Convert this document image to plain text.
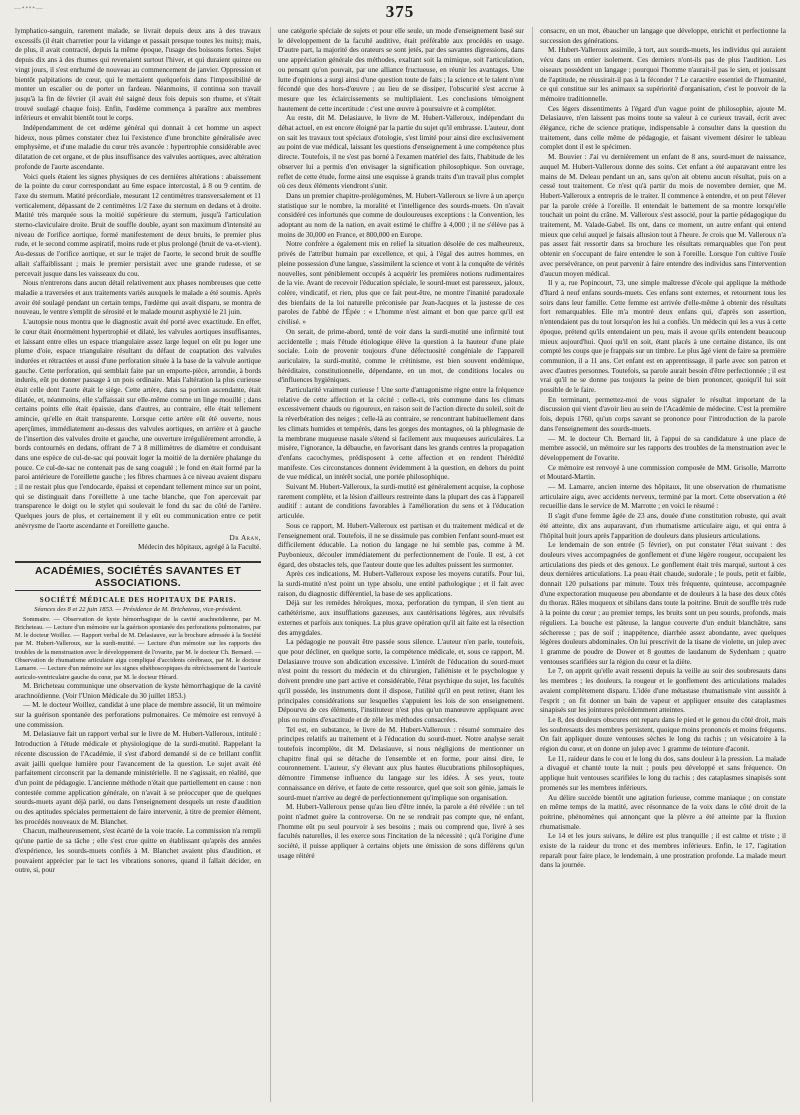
—••••—	375

lymphatico-sanguin, rarement malade, se livrait depuis deux ans à des travaux excessifs (il était charretier pour la vidange et passait presque toutes les nuits); mais, de plus, il avait contracté, depuis la même époque, l'usage des boissons fortes. Sujet depuis dix ans à des rhumes qui revenaient surtout l'hiver, et qui duraient quinze ou vingt jours, il s'est enrhumé de nouveau au commencement de janvier. Oppression et bientôt palpitations de cœur, qui le mettaient quelquefois dans l'impossibilité de monter un escalier ou de porter un fardeau. Néanmoins, il continua son travail jusqu'à la fin de février (il avait été saigné deux fois depuis son rhume, et s'était trouvé soulagé chaque fois). Enfin, l'œdème commença à paraître aux membres inférieurs et envahit bientôt tout le corps.

Indépendamment de cet œdème général qui donnait à cet homme un aspect hideux, nous pûmes constater chez lui l'existence d'une bronchite généralisée avec emphysème, et d'une maladie du cœur très avancée : hypertrophie considérable avec dilatation de cet organe, et de plus insuffisance des valvules aortiques, avec altération profonde de l'aorte ascendante.

Voici quels étaient les signes physiques de ces dernières altérations : abaissement de la pointe du cœur correspondant au 6me espace intercostal, à 8 ou 9 centim. de l'axe du sternum. Matité précordiale, mesurant 12 centimètres transversalement et 11 verticalement, dépassant de 2 centimètres 1/2 l'axe du sternum en dedans et à droite. Matité très marquée sous la moitié supérieure du sternum, jusqu'à l'articulation sterno-claviculaire droite. Bruit de souffle double, ayant son maximum d'intensité au niveau de l'orifice aortique, formé manifestement de deux bruits, le premier plus rude, et le second comme aspiratif, moins rude et plus prolongé (bruit de va-et-vient). Au-dessus de l'orifice aortique, et sur le trajet de l'aorte, le second bruit de souffle allait s'affaiblissant ; mais le premier persistait avec une grande rudesse, et se percevait jusque dans les vaisseaux du cou.

Nous n'entrerons dans aucun détail relativement aux phases nombreuses que cette maladie a traversées et aux traitements variés auxquels le malade a été soumis. Après avoir été soulagé pendant un certain temps, l'œdème qui avait disparu, se montra de nouveau, le ventre s'emplit de sérosité et le malade mourut asphyxié le 21 juin.

L'autopsie nous montra que le diagnostic avait été porté avec exactitude. En effet, le cœur était énormément hypertrophié et dilaté, les valvules aortiques insuffisantes, et laissant entre elles un espace triangulaire assez large lequel on eût pu loger une plume d'oie, espace triangulaire résultant du défaut de coaptation des valvules indurées et rétractées et aussi d'une perforation située à la base de la valvule aortique gauche. Cette perforation, qui semblait faite par un emporte-pièce, arrondie, à bords indurés, eût pu donner passage à un pois ordinaire. Mais l'altération la plus curieuse était celle dont l'aorte était le siège. Cette artère, dans sa portion ascendante, était dilatée, et, néanmoins, elle s'affaissait sur elle-même comme un linge mouillé ; dans certains points elle était épaissie, dans d'autres, au contraire, elle était tellement amincie, qu'elle en était transparente. Lorsque cette artère eût été ouverte, nous aperçûmes, immédiatement au-dessus des valvules aortiques, en arrière et à gauche de l'insertion des valvules droite et gauche, une ouverture irrégulièrement arrondie, à bords contournés en dedans, offrant de 7 à 8 millimètres de diamètre et conduisant dans une espèce de cul-de-sac qui pouvait loger la moitié de la dernière phalange du pouce. Ce cul-de-sac ne contenait pas de sang coagulé ; le fond en était formé par la paroi antérieure de l'oreillette gauche ; les fibres charnues à ce niveau avaient disparu ; il ne restait plus que l'endocarde, épaissi et cependant tellement mince sur un point, qui se distinguait dans l'oreillette à une tache blanche, que l'on apercevait par transparence le doigt ou le stylet qui soulevait le fond du sac du côté de l'artère. Quelques jours de plus, et certainement il y eût eu communication entre ce petit anévrysme de l'aorte ascendante et l'oreillette gauche.

Dr Aran,
Médecin des hôpitaux, agrégé à la Faculté.
ACADÉMIES, SOCIÉTÉS SAVANTES ET ASSOCIATIONS.
SOCIÉTÉ MÉDICALE DES HOPITAUX DE PARIS.
Séances des 8 et 22 juin 1853. — Présidence de M. Bricheteau, vice-président.

Sommaire. — Observation de kyste hémorrhagique de la cavité arachnoïdienne, par M. Bricheteau. — Lecture d'un mémoire sur la guérison spontanée des perforations pulmonaires, par M. le docteur Woillez. — Rapport verbal de M. Delasiauve, sur la brochure adressée à la Société par M. Hubert-Valleroux, sur la surdi-mutité. — Lecture d'un mémoire sur les rapports des troubles de la menstruation avec le développement de l'ovarite, par M. le docteur Ch. Bernard. — Observation de rhumatisme articulaire aigu compliqué d'accidents cérébraux, par M. le docteur Lamarre. — Lecture d'un mémoire sur les signes sthéthoscopiques du rétrécissement de l'auricule auriculo-ventriculaire gauche du cœur, par M. le docteur Hérard.

M. Bricheteau communique une observation de kyste hémorrhagique de la cavité arachnoïdienne. (Voir l'Union Médicale du 30 juillet 1853.)

— M. le docteur Woillez, candidat à une place de membre associé, lit un mémoire sur la guérison spontanée des perforations pulmonaires. Ce mémoire est renvoyé à une commission.

M. Delasiauve fait un rapport verbal sur le livre de M. Hubert-Valleroux, intitulé : Introduction à l'étude médicale et physiologique de la surdi-mutité. Rappelant la récente discussion de l'Académie, il s'est d'abord demandé si de ce brillant conflit avait jailli quelque lumière pour l'avancement de la question. Le sujet avait été parfaitement circonscrit par la demande ministérielle. Il ne s'agissait, en réalité, que d'un point de pédagogie. L'ancienne méthode n'était que partiellement en cause : non contestée comme application générale, on n'avait à se préoccuper que de quelques sourds-muets ayant déjà parlé, ou dans l'enseignement desquels un reste d'audition ou des aptitudes spéciales permettaient de faire intervenir, à titre de premier élément, les procédés nouveaux de M. Blanchet.

Chacun, malheureusement, s'est écarté de la voie tracée. La commission n'a rempli qu'une partie de sa tâche ; elle s'est crue quitte en établissant qu'après des années d'expérience, les sourds-muets confiés à M. Blanchet avaient plus d'audition, et pouvaient apprécier par le tact les vibrations sonores, quand il fallait décider, en outre, si, pour

une catégorie spéciale de sujets et pour elle seule, un mode d'enseignement basé sur le développement de la faculté auditive, était préférable aux procédés en usage. D'autre part, la majorité des orateurs se sont jetés, par des savantes digressions, dans une appréciation générale des méthodes, exaltant soit la mimique, soit l'articulation, ou pensant qu'on pouvait, par une alliance fructueuse, en réunir les avantages. Une lutte d'opinions a surgi ainsi d'une question toute de faits ; la science et le talent n'ont fécondé que des hors-d'œuvre ; au lieu de se dissiper, l'obscurité s'est accrue à mesure que les éclaircissements se multipliaient. Les conclusions témoignent hautement de cette incertitude : c'est une œuvre à poursuivre et à compléter.

Au reste, dit M. Delasiauve, le livre de M. Hubert-Valleroux, indépendant du débat actuel, en est encore éloigné par la partie du sujet qu'il embrasse. L'auteur, dont on sait les travaux tout spéciaux d'otologie, s'est limité pour ainsi dire exclusivement au point de vue médical, laissant les questions d'enseignement à une compétence plus directe. Toutefois, il ne s'est pas borné à l'examen matériel des faits, l'habitude de les observer lui a permis d'en envisager la signification philosophique. Son ouvrage, reflet de cette étude, forme ainsi une esquisse à grands traits d'un travail plus complet où ces deux éléments viendront s'unir.

Dans un premier chapitre-prolégomènes, M. Hubert-Valleroux se livre à un aperçu statistique sur le nombre, la moralité et l'intelligence des sourds-muets. On n'avait considéré ces infortunés que comme de douloureuses exceptions : la Convention, les adoptant au nom de la nation, en avait estimé le chiffre à 4,000 ; il ne s'élève pas à moins de 30,000 en France, et 800,000 en Europe.

Notre confrère a également mis en relief la situation désolée de ces malheureux, privés de l'attribut humain par excellence, et qui, à l'égal des autres hommes, en pleine possession d'une langue, s'assimilent la science et vont à la conquête de vérités nouvelles, sont péniblement occupés à acquérir les premières notions rudimentaires de la vie. Avant de recevoir l'éducation spéciale, le sourd-muet est paresseux, jaloux, colère, vindicatif, et rien, plus que ce fait peut-être, ne montre l'inanité paradoxale des bienfaits de la loi naturelle préconisée par Jean-Jacques et la justesse de ces paroles de l'abbé de l'Épée : « L'homme n'est aimant et bon que parce qu'il est civilisé. »

On serait, de prime-abord, tenté de voir dans la surdi-mutité une infirmité tout accidentelle ; mais l'étude étiologique élève la question à la hauteur d'une plaie sociale. Loin de provenir toujours d'une défectuosité congéniale de l'appareil auriculaire, la surdi-mutité, comme le crétinisme, est bien souvent endémique, héréditaire, constitutionnelle, dépendante, en un mot, de conditions locales ou d'influences hygiéniques.

Particularité vraiment curieuse ! Une sorte d'antagonisme règne entre la fréquence relative de cette affection et la cécité : celle-ci, très commune dans les climats excessivement chauds ou rigoureux, en raison soit de l'action directe du soleil, soit de la réverbération des neiges ; celle-là au contraire, se rencontrant habituellement dans les climats humides et tempérés, dans les gorges des montagnes, où la phlegmasie de la membrane muqueuse nasale s'étend si facilement aux muqueuses auriculaires. La misère, l'ignorance, la débauche, en favorisant dans les grands centres la propagation d'enfans cacochymes, prédisposent à cette affection et en rendent l'hérédité manifeste. Ces circonstances donnent évidemment à la question, en dehors du point de vue médical, un intérêt social, une portée philosophique.

Suivant M. Hubert-Valleroux, la surdi-mutité est généralement acquise, la cophose rarement complète, et la lésion d'ailleurs restreinte dans la plupart des cas à l'appareil auditif : autant de conditions favorables à l'amélioration du sens et à l'éducation articulée.

Sous ce rapport, M. Hubert-Valleroux est partisan et du traitement médical et de l'enseignement oral. Toutefois, il ne se dissimule pas combien l'enfant sourd-muet est difficilement éducable. La notion du langage ne lui semble pas, comme à M. Puybonieux, découler immédiatement du perfectionnement de l'ouïe. Il est, à cet égard, des obstacles tels, que l'auteur doute que les adultes puissent les surmonter.

Après ces indications, M. Hubert-Valleroux expose les moyens curatifs. Pour lui, la surdi-mutité n'est point un type absolu, une entité pathologique ; et il fait avec raison, du diagnostic différentiel, la base de ses applications.

Déjà sur les remèdes héroïques, moxa, perforation du tympan, il s'en tient au cathétérisme, aux insufflations gazeuses, aux cautérisations légères, aux révulsifs externes et parfois aux toniques. La plus grave opération qu'il ait faite est la résection des amygdales.

La pédagogie ne pouvait être passée sous silence. L'auteur n'en parle, toutefois, que pour décliner, en quelque sorte, la compétence médicale, et, sous ce rapport, M. Delasiauve trouve son abdication excessive. L'intérêt de l'éducation du sourd-muet n'est point du ressort du médecin et du chirurgien, l'aliéniste et le psychologue y doivent prendre une part active et considérable, l'état psychique du sujet, les facultés qu'il possède, les instruments dont il dispose, l'utilité qu'il en peut retirer, étant les principales considérations sur lesquelles s'appuient les lois de son enseignement. Dépourvu de ces éléments, l'instituteur n'est plus qu'un manœuvre appliquant avec plus ou moins d'exactitude et de zèle les méthodes consacrées.

Tel est, en substance, le livre de M. Hubert-Valleroux : résumé sommaire des principes relatifs au traitement et à l'éducation du sourd-muet. Notre analyse serait toutefois incomplète, dit M. Delasiauve, si nous négligions de mentionner un chapitre final qui se détache de l'ensemble et en forme, pour ainsi dire, le couronnement. L'auteur, s'y élevant aux plus hautes élucubrations philosophiques, démontre l'immense influence du langage sur les idées. À ses yeux, toute connaissance en dérive, et faute de cette ressource, quel que soit son génie, jamais le sourd-muet n'arrive au degré de perfectionnement qu'implique son organisation.

M. Hubert-Valleroux pense qu'au lieu d'être innée, la parole a été révélée : un tel point n'admet guère la controverse. On ne se rendrait pas compte que, né enfant, l'homme eût pu seul pourvoir à ses besoins ; mais ou comprend que, livré à ses facultés naturelles, il les exerce sous l'incitation de la nécessité ; qu'à l'origine d'une société, il puisse appliquer à certains objets une émission de sons différens qu'un usage réitéré

consacre, en un mot, ébaucher un langage que développe, enrichit et perfectionne la succession des générations.

M. Hubert-Valleroux assimile, à tort, aux sourds-muets, les individus qui auraient vécu dans un entier isolement. Ces derniers n'ont-ils pas de plus l'audition. Les oiseaux possèdent un langage ; pourquoi l'homme n'aurait-il pas le sien, et jouissant de l'aptitude, ne réussirait-il pas à la féconder ? Le caractère essentiel de l'humanité, ce qui constitue sur les animaux sa supériorité d'organisation, c'est le pouvoir de la mémoire traditionnelle.

Ces légers dissentiments à l'égard d'un vague point de philosophie, ajoute M. Delasiauve, n'en laissent pas moins toute sa valeur à ce curieux travail, écrit avec élégance, riche de science pratique, indispensable à consulter dans la question du traitement, dans celle même de pédagogie, et faisant vivement désirer le tableau complet dont il est le spécimen.

M. Bouvier : J'ai vu dernièrement un enfant de 8 ans, sourd-muet de naissance, auquel M. Hubert-Valleroux donne des soins. Cet enfant a été auparavant entre les mains de M. Deleau pendant un an, sans qu'on ait obtenu aucun résultat, puis on a cessé tout traitement. Ce n'est qu'à partir du mois de novembre dernier, que M. Hubert-Valleroux a entrepris de le traiter. Il commence à entendre, et on peut l'élever par la parole créée à l'oreille. Il entendait le battement de sa montre lorsqu'elle touchait un point du crâne. M. Valleroux s'est associé, pour la partie pédagogique du traitement, M. Valade-Gabel. Ils ont, dans ce moment, un autre enfant qui entend mieux que celui auquel je faisais allusion tout à l'heure. Je crois que M. Valleroux n'a pas assez fait ressortir dans sa brochure les résultats remarquables que l'on peut obtenir en s'occupant de faire entendre le son à l'oreille. Lorsque l'on cultive l'ouïe avec persévérance, on peut parvenir à faire entendre des individus sans l'intervention d'aucun moyen médical.

Il y a, rue Popincourt, 73, une simple maîtresse d'école qui applique la méthode d'Itard à neuf enfans sourds-muets. Ces enfans sont externes, et retournent tous les soirs dans leur famille. Cette femme est arrivée d'elle-même à obtenir des résultats fort remarquables. Elle m'a montré deux enfans qui, d'après son assertion, n'entendaient pas du tout lorsqu'on les lui a confiés. Un médecin qui les a vus à cette époque, prétend qu'ils entendaient un peu, mais il avoue qu'ils entendent beaucoup mieux aujourd'hui. Quoi qu'il en soit, étant placés à une certaine distance, ils ont compté les coups que je frappais sur un timbre. Le plus âgé vient de faire sa première communion, il a 11 ans. Cet enfant est en apprentissage, il parle avec son patron et avec d'autres personnes. Toutefois, sa parole aurait besoin d'être perfectionnée ; il est vrai qu'il ne se donne pas toujours la peine de bien prononcer, quoiqu'il lui soit possible de le faire.

En terminant, permettez-moi de vous signaler le résultat important de la discussion qui vient d'avoir lieu au sein de l'Académie de médecine. C'est la première fois, depuis 1760, qu'un corps savant se prononce pour l'introduction de la parole dans l'enseignement des sourds-muets.

— M. le docteur Ch. Bernard lit, à l'appui de sa candidature à une place de membre associé, un mémoire sur les rapports des troubles de la menstruation avec le développement de l'ovarite.

Ce mémoire est renvoyé à une commission composée de MM. Grisolle, Marrotte et Moutard-Martin.

— M. Lamarre, ancien interne des hôpitaux, lit une observation de rhumatisme articulaire aigu, avec accidents nerveux, terminé par la mort. Cette observation a été recueillie dans le service de M. Marrotte ; en voici le résumé :

Il s'agit d'une femme âgée de 23 ans, douée d'une constitution robuste, qui avait été atteinte, dix ans auparavant, d'un rhumatisme articulaire aigu, et qui entra à l'hôpital huit jours après l'apparition de douleurs dans plusieurs articulations.

Le lendemain de son entrée (5 février), on put constater l'état suivant : des douleurs vives accompagnées de gonflement et d'une légère rougeur, occupaient les articulations des pieds et des genoux. Le gonflement était très marqué, surtout à ces deux dernières articulations. La peau était chaude, sudorale ; le pouls, petit et faible, donnait 120 pulsations par minute. Toux très fréquente, quinteuse, accompagnée d'une expectoration muqueuse peu abondante et de douleurs à la base des deux côtés du thorax. Râles muqueux et sibilans dans toute la poitrine. Bruit de souffle très rude à la pointe du cœur ; au premier temps, les bruits sont un peu sourds, profonds, mais réguliers. La bouche est pâteuse, la langue couverte d'un enduit blanchâtre, sans sécheresse ; pas de soif ; inappétence, diarrhée assez abondante, avec quelques légères douleurs abdominales. On lui prescrivit de la tisane de violette, un julep avec 1 gramme de poudre de Dower et 8 gouttes de laudanum de Sydenham ; quatre ventouses scarifiées sur la région du cœur et la diète.

Le 7, on apprit qu'elle avait ressenti depuis la veille au soir des soubresauts dans les membres ; les douleurs, la rougeur et le gonflement des articulations malades avaient complètement disparu. L'idée d'une métastase rhumatismale vint aussitôt à l'esprit ; on fit donner un bain de vapeur et appliquer ensuite des cataplasmes sinapisés sur les jointures précédemment atteintes.

Le 8, des douleurs obscures ont reparu dans le pied et le genou du côté droit, mais les soubresauts des membres persistent, quoique moins prononcés et moins fréquens. On fait appliquer douze ventouses sèches le long du rachis ; un vésicatoire à la région du cœur, et on donne un julep avec 1 gramme de teinture d'aconit.

Le 11, raideur dans le cou et le long du dos, sans douleur à la pression. La malade a divagué et chanté toute la nuit ; pouls peu développé et sans fréquence. On applique huit ventouses scarifiées le long du rachis ; des cataplasmes sinapisés sont promenés sur les membres inférieurs.

Au délire succède bientôt une agitation furieuse, comme maniaque ; on constate en même temps de la matité, avec résonnance de la voix dans le côté droit de la poitrine, phénomènes qui annonçant que la plèvre a été atteinte par la fluxion rhumatismale.

Le 14 et les jours suivans, le délire est plus tranquille ; il est calme et triste ; il existe de la raideur du tronc et des membres inférieurs. Enfin, le 17, l'agitation reparaît pour faire place, le lendemain, à une prostration profonde. La malade meurt dans la journée.
